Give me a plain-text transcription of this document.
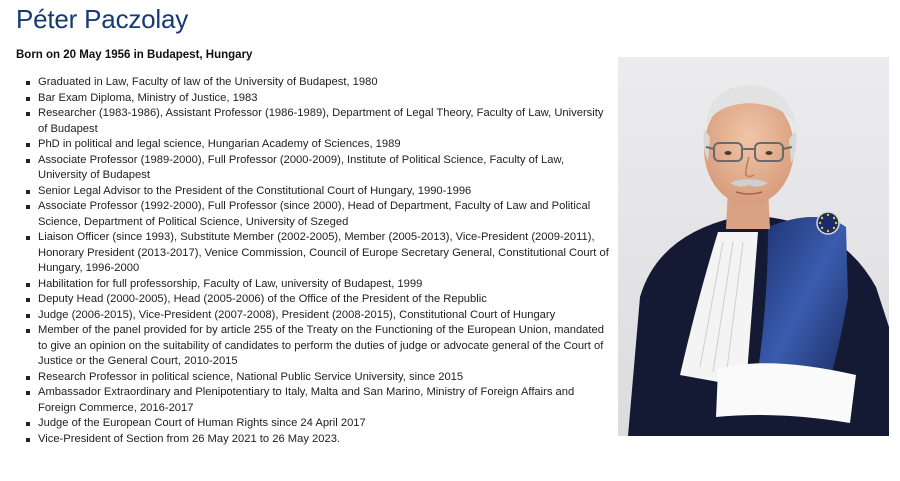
Péter Paczolay

Born on 20 May 1956 in Budapest, Hungary

Graduated in Law, Faculty of law of the University of Budapest, 1980
Bar Exam Diploma, Ministry of Justice, 1983
Researcher (1983-1986), Assistant Professor (1986-1989), Department of Legal Theory, Faculty of Law, University of Budapest
PhD in political and legal science, Hungarian Academy of Sciences, 1989
Associate Professor (1989-2000), Full Professor (2000-2009), Institute of Political Science, Faculty of Law, University of Budapest
Senior Legal Advisor to the President of the Constitutional Court of Hungary, 1990-1996
Associate Professor (1992-2000), Full Professor (since 2000), Head of Department, Faculty of Law and Political Science, Department of Political Science, University of Szeged
Liaison Officer (since 1993), Substitute Member (2002-2005), Member (2005-2013), Vice-President (2009-2011), Honorary President (2013-2017), Venice Commission, Council of Europe Secretary General, Constitutional Court of Hungary, 1996-2000
Habilitation for full professorship, Faculty of Law, university of Budapest, 1999
Deputy Head (2000-2005), Head (2005-2006) of the Office of the President of the Republic
Judge (2006-2015), Vice-President (2007-2008), President (2008-2015), Constitutional Court of Hungary
Member of the panel provided for by article 255 of the Treaty on the Functioning of the European Union, mandated to give an opinion on the suitability of candidates to perform the duties of judge or advocate general of the Court of Justice or the General Court, 2010-2015
Research Professor in political science, National Public Service University, since 2015
Ambassador Extraordinary and Plenipotentiary to Italy, Malta and San Marino, Ministry of Foreign Affairs and Foreign Commerce, 2016-2017
Judge of the European Court of Human Rights since 24 April 2017
Vice-President of Section from 26 May 2021 to 26 May 2023.
